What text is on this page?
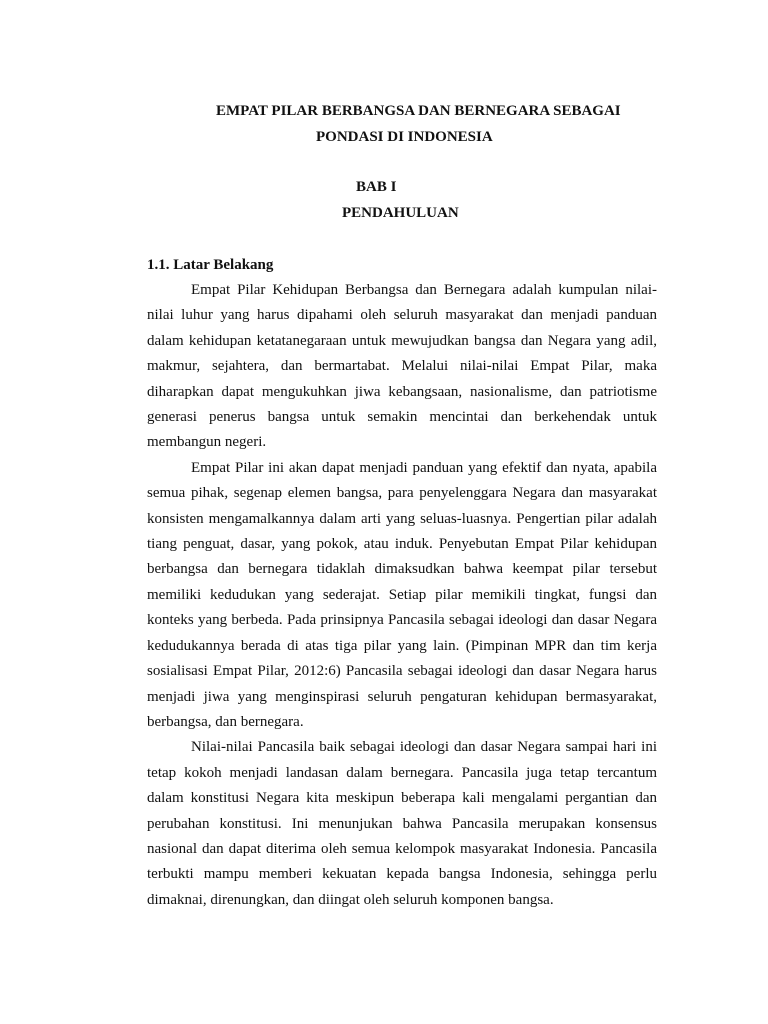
EMPAT PILAR BERBANGSA DAN BERNEGARA SEBAGAI
PONDASI DI INDONESIA
BAB I
PENDAHULUAN
1.1. Latar Belakang

Empat Pilar Kehidupan Berbangsa dan Bernegara adalah kumpulan nilai-nilai luhur yang harus dipahami oleh seluruh masyarakat dan menjadi panduan dalam kehidupan ketatanegaraan untuk mewujudkan bangsa dan Negara yang adil, makmur, sejahtera, dan bermartabat. Melalui nilai-nilai Empat Pilar, maka diharapkan dapat mengukuhkan jiwa kebangsaan, nasionalisme, dan patriotisme generasi penerus bangsa untuk semakin mencintai dan berkehendak untuk membangun negeri.

Empat Pilar ini akan dapat menjadi panduan yang efektif dan nyata, apabila semua pihak, segenap elemen bangsa, para penyelenggara Negara dan masyarakat konsisten mengamalkannya dalam arti yang seluas-luasnya. Pengertian pilar adalah tiang penguat, dasar, yang pokok, atau induk. Penyebutan Empat Pilar kehidupan berbangsa dan bernegara tidaklah dimaksudkan bahwa keempat pilar tersebut memiliki kedudukan yang sederajat. Setiap pilar memikili tingkat, fungsi dan konteks yang berbeda. Pada prinsipnya Pancasila sebagai ideologi dan dasar Negara kedudukannya berada di atas tiga pilar yang lain. (Pimpinan MPR dan tim kerja sosialisasi Empat Pilar, 2012:6) Pancasila sebagai ideologi dan dasar Negara harus menjadi jiwa yang menginspirasi seluruh pengaturan kehidupan bermasyarakat, berbangsa, dan bernegara.

Nilai-nilai Pancasila baik sebagai ideologi dan dasar Negara sampai hari ini tetap kokoh menjadi landasan dalam bernegara. Pancasila juga tetap tercantum dalam konstitusi Negara kita meskipun beberapa kali mengalami pergantian dan perubahan konstitusi. Ini menunjukan bahwa Pancasila merupakan konsensus nasional dan dapat diterima oleh semua kelompok masyarakat Indonesia. Pancasila terbukti mampu memberi kekuatan kepada bangsa Indonesia, sehingga perlu dimaknai, direnungkan, dan diingat oleh seluruh komponen bangsa.
